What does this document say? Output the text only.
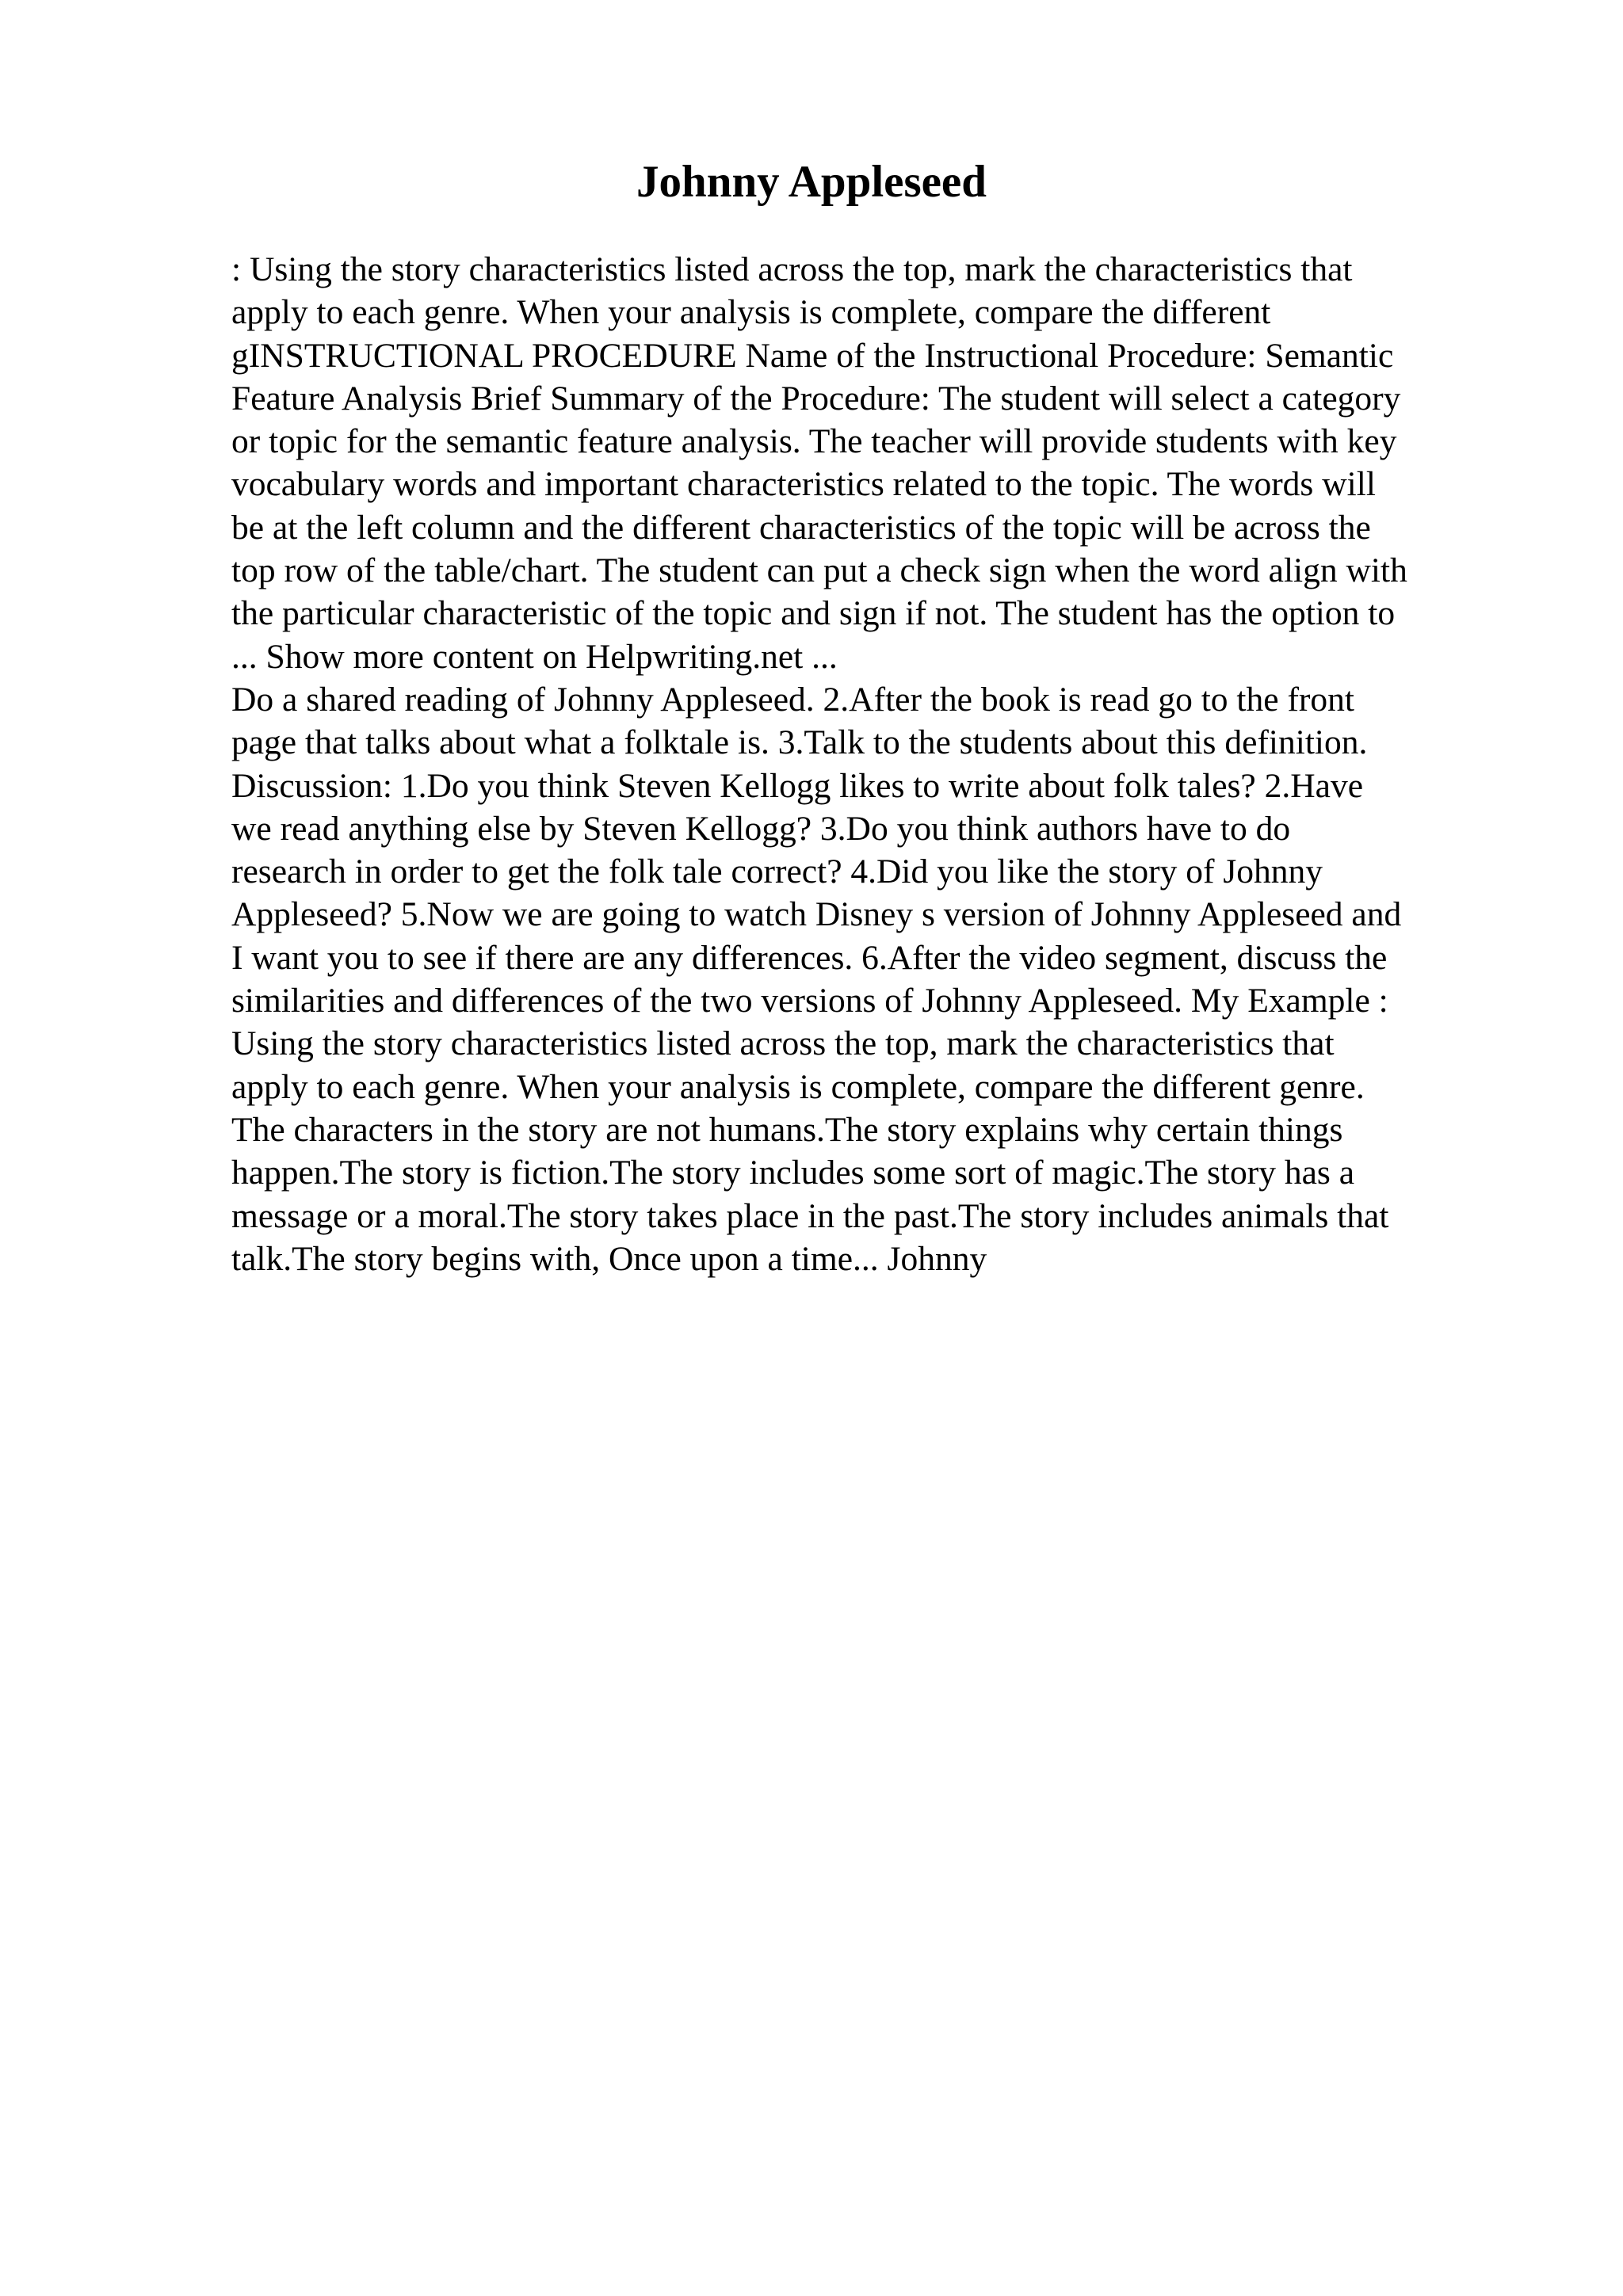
Johnny Appleseed
: Using the story characteristics listed across the top, mark the characteristics that
apply to each genre. When your analysis is complete, compare the different
gINSTRUCTIONAL PROCEDURE Name of the Instructional Procedure: Semantic
Feature Analysis Brief Summary of the Procedure: The student will select a category
or topic for the semantic feature analysis. The teacher will provide students with key
vocabulary words and important characteristics related to the topic. The words will
be at the left column and the different characteristics of the topic will be across the
top row of the table/chart. The student can put a check sign when the word align with
the particular characteristic of the topic and sign if not. The student has the option to
... Show more content on Helpwriting.net ...
Do a shared reading of Johnny Appleseed. 2.After the book is read go to the front
page that talks about what a folktale is. 3.Talk to the students about this definition.
Discussion: 1.Do you think Steven Kellogg likes to write about folk tales? 2.Have
we read anything else by Steven Kellogg? 3.Do you think authors have to do
research in order to get the folk tale correct? 4.Did you like the story of Johnny
Appleseed? 5.Now we are going to watch Disney s version of Johnny Appleseed and
I want you to see if there are any differences. 6.After the video segment, discuss the
similarities and differences of the two versions of Johnny Appleseed. My Example :
Using the story characteristics listed across the top, mark the characteristics that
apply to each genre. When your analysis is complete, compare the different genre.
The characters in the story are not humans.The story explains why certain things
happen.The story is fiction.The story includes some sort of magic.The story has a
message or a moral.The story takes place in the past.The story includes animals that
talk.The story begins with, Once upon a time... Johnny
